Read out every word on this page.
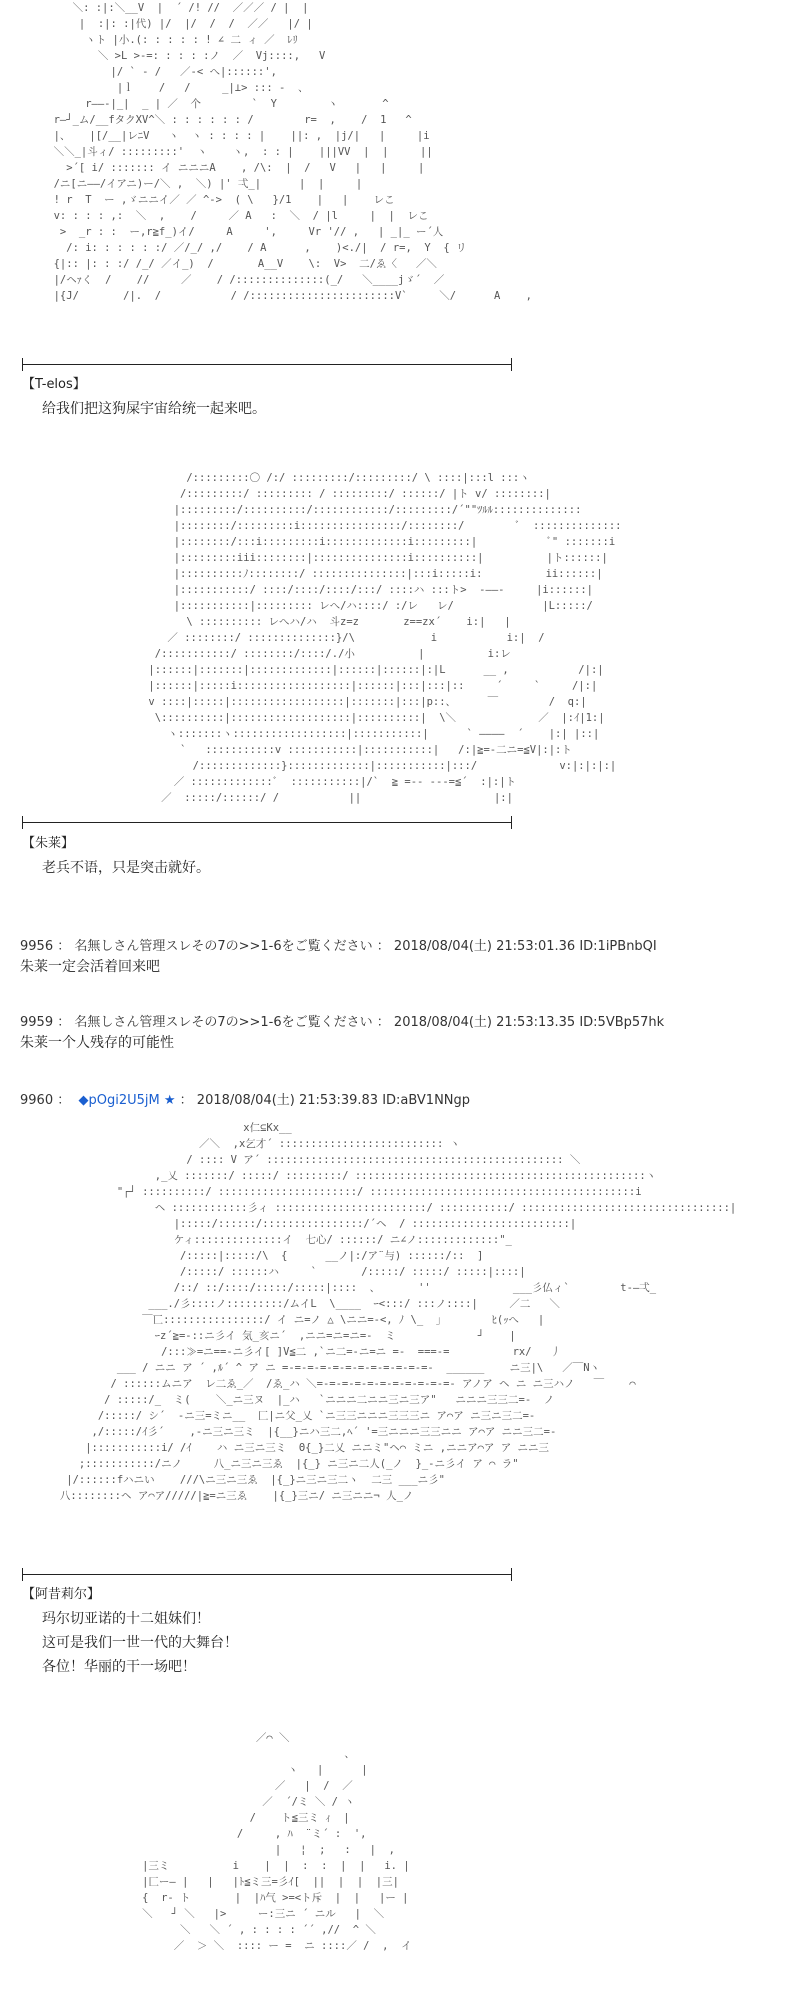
＼: :|:＼__V  |  ´ /! //  ／／／ / |  |
|  :|: :|代) |/  |/  /  /  ／／   |/ |
ヽト |小.(: : : : : ! ∠ 二 ィ ／  ﾚﾘ
＼ >L >-=: : : : :ノ  ／  Vj::::,   V
|/ ` - /   ／-< へ|::::::',
|ｌ    /   /     _|⊥> ::: -  、
r――-|_|  _ | ／  个        `  Y        ヽ       ^
r―┘_ム/__fタクXV^＼ : : : : : : /        r=  ,    /  1   ^
|、   |[/__|レﾆV   ヽ  ヽ : : : : |    ||: ,  |j/|   |     |i
＼＼_|斗ィ/ :::::::::'  ヽ    ヽ,  : : |    |||VV  |  |     ||
>´[ i/ ::::::: イ ニニニA    , /\:  |  /   V   |   |     |
/ニ[ニ――/イアニ)ー/＼ ,  ＼) |' 弌_|      |  |     |
! r  T  ー ,ゞニニイ／ ／ ^->  ( \   }/1    |   |    レこ
v: : : : ,:  ＼  ,    /     ／ A   :  ＼  / |l     |  |  レこ
>  _r : :  ー,r≧f_)イ/     A     ',     Vr '// ,   | _|_ ー´人
/: i: : : : : :/ ／/_/ ,/    / A      ,    )<./|  / r=,  Y  { リ
{|:: |: : :/ /_/ ／イ_)  /       A__V    \:  V>  二/ゑ〈   ／＼
|/ヘｧく  /    //     ／    / /::::::::::::::(_/   ＼____jゞ´  ／
|{J/       /|.  /           / /:::::::::::::::::::::::V`     ＼/      A    ,
【T-elos】
给我们把这狗屎宇宙给统一起来吧。
/:::::::::〇 /:/ :::::::::/:::::::::/ \ ::::|:::l :::ヽ
/:::::::::/ ::::::::: / :::::::::/ ::::::/ |ト v/ ::::::::|
|:::::::::/::::::::::/::::::::::::/:::::::::/´""ﾂﾙﾙ::::::::::::::
|::::::::/:::::::::i::::::::::::::::/::::::::/        ﾞ  ::::::::::::::
|::::::::/:::i:::::::::i:::::::::::::i:::::::::|           ﾞ" :::::::i
|:::::::::iii::::::::|:::::::::::::::i::::::::::|          |ト::::::|
|::::::::::ﾉ::::::::/ :::::::::::::::|:::i:::::i:          ii::::::|
|:::::::::::/ ::::/::::/::::/:::/ ::::ハ :::ト>  -――-     |i::::::|
|:::::::::::|::::::::: レへ/ハ::::/ :/レ   レ/              |L:::::/
\ :::::::::: レへハ/ハ  斗z=z       z==zx´    i:|   |
／ ::::::::/ ::::::::::::::}/\            i           i:|  /
/:::::::::::/ ::::::::/::::/./小          |          i:レ
|::::::|:::::::|:::::::::::::|::::::|::::::|:|L      __ ,           /|:|
|::::::|:::::i::::::::::::::::::|::::::|:::|:::|::     ´     `     /|:|
v ::::|:::::|::::::::::::::::::|:::::::|:::|p::、     ￣        /  q:|
\::::::::::|:::::::::::::::::::|::::::::::|  \＼             ／  |:ｲ|1:|
ヽ:::::::ヽ::::::::::::::::::|:::::::::::|      ` ――――  ´    |:| |::|
`   :::::::::::v :::::::::::|:::::::::::|   /:|≧=-二ニ=≦V|:|:ト
/:::::::::::::}:::::::::::::|:::::::::::|:::/             v:|:|:|:|
／ :::::::::::::ﾞ  :::::::::::|/`  ≧ =-- ---=≦´  :|:|ト
／  :::::/::::::/ /           ||                     |:|
【朱莱】
老兵不语，只是突击就好。
9956 ： 名無しさん管理スレその7の>>1-6をご覧ください ： 2018/08/04(土) 21:53:01.36 ID:1iPBnbQI
朱莱一定会活着回来吧
9959 ： 名無しさん管理スレその7の>>1-6をご覧ください ： 2018/08/04(土) 21:53:13.35 ID:5VBp57hk
朱莱一个人残存的可能性
9960 ：  ◆pOgi2U5jM ★ ： 2018/08/04(土) 21:53:39.83 ID:aBV1NNgp
x仁⊆Kx__
／＼  ,x乞才´ :::::::::::::::::::::::::: ヽ
/ :::: V ア´ ::::::::::::::::::::::::::::::::::::::::::::::: ＼
,_乂 :::::::/ :::::/ :::::::::/ ::::::::::::::::::::::::::::::::::::::::::::::ヽ
"┌┘ ::::::::::/ ::::::::::::::::::::::/ ::::::::::::::::::::::::::::::::::::::::::i
ヘ ::::::::::::彡ィ ::::::::::::::::::::::::/ :::::::::::/ :::::::::::::::::::::::::::::::::|
|:::::/::::::/::::::::::::::::/´ヘ  / :::::::::::::::::::::::::|
ケィ::::::::::::::イ  七心/ ::::::/ ニ∠ノ:::::::::::::"_
/:::::|:::::/\  {      __ノ|:/ア¨与) ::::::/::  ]
/:::::/ ::::::ハ     `       /:::::/ :::::/ :::::|::::|
/::/ ::/::::/:::::/:::::|::::  、      ''             ___彡仏ィ`        t-―弌_
___./彡::::ノ:::::::::/ムイL  \____  ｰ<:::/ :::ノ::::|     ／二   ＼
￣匸::::::::::::::::/ イ ニ=ノ △ \ニニ=-<, ﾉ \_  ｣        ﾋ(ｯへ   |
ｰz´≧=-::ニ彡イ 気_亥ニ´  ,ニニ=ニ=ニ=-  ミ             ┘    |
/:::≫=ニ==-ニ彡イ[ ]V≦二 ,`ニ二=-ニ=ニ =-  ===-=          rx/   丿
___ / ニニ ア ´ ,ﾙ´ ^ ア ニ =-=-=-=-=-=-=-=-=-=-=-=-  ______    ニ三|\   ／￣Nヽ
/ ::::::ムニア  レ二ゑ_／  /ゑ_ハ ＼=-=-=-=-=-=-=-=-=-=-=- アノア ヘ ニ ニ三ハノ   ￣    ⌒
/ :::::/_  ミ(    ＼_ニ三ヌ  |_ハ   `ニニニ二ニニ三ニ三ア"   ニニニ三三二=-  ノ
/:::::/ シ´  -ニ三=ミニ__  匚|ニ父_乂 `ニ三三ニニニ三三三ニ ア⌒ア ニ三ニ三二=-
,/:::::/ｲ彡´    ,-ニ三ニ三ミ  |{__}ニハ三二,ﾍ´ '=三ニニニ三三ニニ ア⌒ア ニニ三二=-
|:::::::::::i/ /ｲ    ハ ニ三ニ三ミ  Θ{_}二乂 ニニミ"ヘ⌒ ミニ ,ニニア⌒ア ア ニニ三
;:::::::::::/ニノ     八_ニ三ニ三ゑ  |{_} ニ三ニ二人(_ノ  }_-ニ彡イ ア ⌒ ラ"
|/::::::fハニい    ///\ニ三ニ三ゑ  |{_}ニ三ニ三二ヽ  二三 ___ニ彡"
八::::::::ヘ ア⌒ア/////|≧=ニ三ゑ    |{_}三ニ/ ニ三ニニ¬ 人_ノ
【阿昔莉尔】
玛尔切亚诺的十二姐妹们！
这可是我们一世一代的大舞台！
各位！华丽的干一场吧！
／⌒ ＼
、
ヽ   |      |
／   |  /  ／
／  ´/ミ ＼ / ヽ
/    ト≦三ミ ｨ  |
/     , ﾊ  ¨ミ´ :  ',
|   ¦  ;   :   |  ,
|三ミ          i    |  |  :  :  |  |   i. |
|匚ー― |   |   |ﾄ≦ミ三=彡ｲ[  ||  |  |  |三|
{  r‐ ト       |  |ﾊ气 >=<ト斥  |  |   |ー |
＼   ┘ ＼   |>     ー:三ニ ´ ニル   |  ＼
＼   ＼ ´ , : : : : ´´ ,//  ^ ＼
／  ＞ ＼  :::: ー =  ニ ::::／ /  ,  イ
